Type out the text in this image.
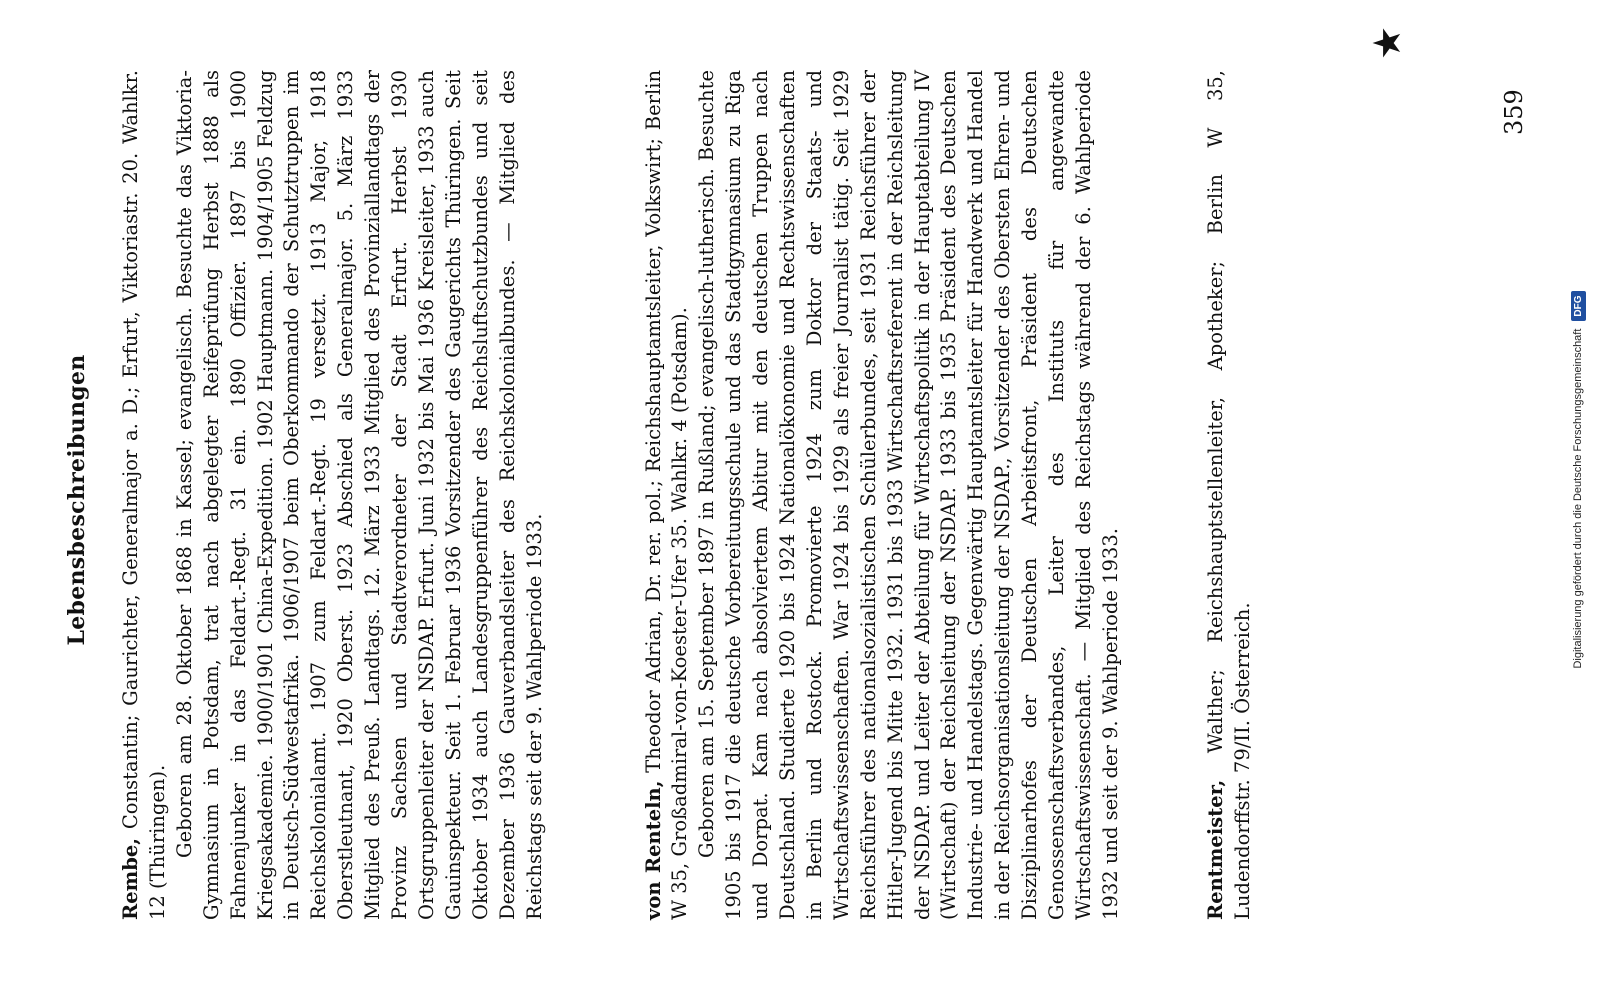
Lebensbeschreibungen

Rembe, Constantin; Gaurichter, Generalmajor a. D.; Erfurt, Viktoriastr. 20. Wahlkr. 12 (Thüringen). Geboren am 28. Oktober 1868 in Kassel; evangelisch. Besuchte das Viktoria-Gymnasium in Potsdam, trat nach abgelegter Reifeprüfung Herbst 1888 als Fahnenjunker in das Feldart.-Regt. 31 ein. 1890 Offizier. 1897 bis 1900 Kriegsakademie. 1900/1901 China-Expedition. 1902 Hauptmann. 1904/1905 Feldzug in Deutsch-Südwestafrika. 1906/1907 beim Oberkommando der Schutztruppen im Reichskolonialamt. 1907 zum Feldart.-Regt. 19 versetzt. 1913 Major, 1918 Oberstleutnant, 1920 Oberst. 1923 Abschied als Generalmajor. 5. März 1933 Mitglied des Preuß. Landtags. 12. März 1933 Mitglied des Provinziallandtags der Provinz Sachsen und Stadtverordneter der Stadt Erfurt. Herbst 1930 Ortsgruppenleiter der NSDAP. Erfurt. Juni 1932 bis Mai 1936 Kreisleiter, 1933 auch Gauinspekteur. Seit 1. Februar 1936 Vorsitzender des Gaugerichts Thüringen. Seit Oktober 1934 auch Landesgruppenführer des Reichsluftschutzbundes und seit Dezember 1936 Gauverbandsleiter des Reichskolonialbundes. — Mitglied des Reichstags seit der 9. Wahlperiode 1933.	von Renteln, Theodor Adrian, Dr. rer. pol.; Reichshauptamtsleiter, Volkswirt; Berlin W 35, Großadmiral-von-Koester-Ufer 35. Wahlkr. 4 (Potsdam). Geboren am 15. September 1897 in Rußland; evangelisch-lutherisch. Besuchte 1905 bis 1917 die deutsche Vorbereitungsschule und das Stadtgymnasium zu Riga und Dorpat. Kam nach absolviertem Abitur mit den deutschen Truppen nach Deutschland. Studierte 1920 bis 1924 Nationalökonomie und Rechtswissenschaften in Berlin und Rostock. Promovierte 1924 zum Doktor der Staats- und Wirtschaftswissenschaften. War 1924 bis 1929 als freier Journalist tätig. Seit 1929 Reichsführer des nationalsozialistischen Schülerbundes, seit 1931 Reichsführer der Hitler-Jugend bis Mitte 1932. 1931 bis 1933 Wirtschaftsreferent in der Reichsleitung der NSDAP. und Leiter der Abteilung für Wirtschaftspolitik in der Hauptabteilung IV (Wirtschaft) der Reichsleitung der NSDAP. 1933 bis 1935 Präsident des Deutschen Industrie- und Handelstags. Gegenwärtig Hauptamtsleiter für Handwerk und Handel in der Reichsorganisationsleitung der NSDAP., Vorsitzender des Obersten Ehren- und Disziplinarhofes der Deutschen Arbeitsfront, Präsident des Deutschen Genossenschaftsverbandes, Leiter des Instituts für angewandte Wirtschaftswissenschaft. — Mitglied des Reichstags während der 6. Wahlperiode 1932 und seit der 9. Wahlperiode 1933.	Rentmeister, Walther; Reichshauptstellenleiter, Apotheker; Berlin W 35, Ludendorffstr. 79/II. Österreich.

★
359
Digitalisierung gefördert durch die Deutsche Forschungsgemeinschaft
DFG
